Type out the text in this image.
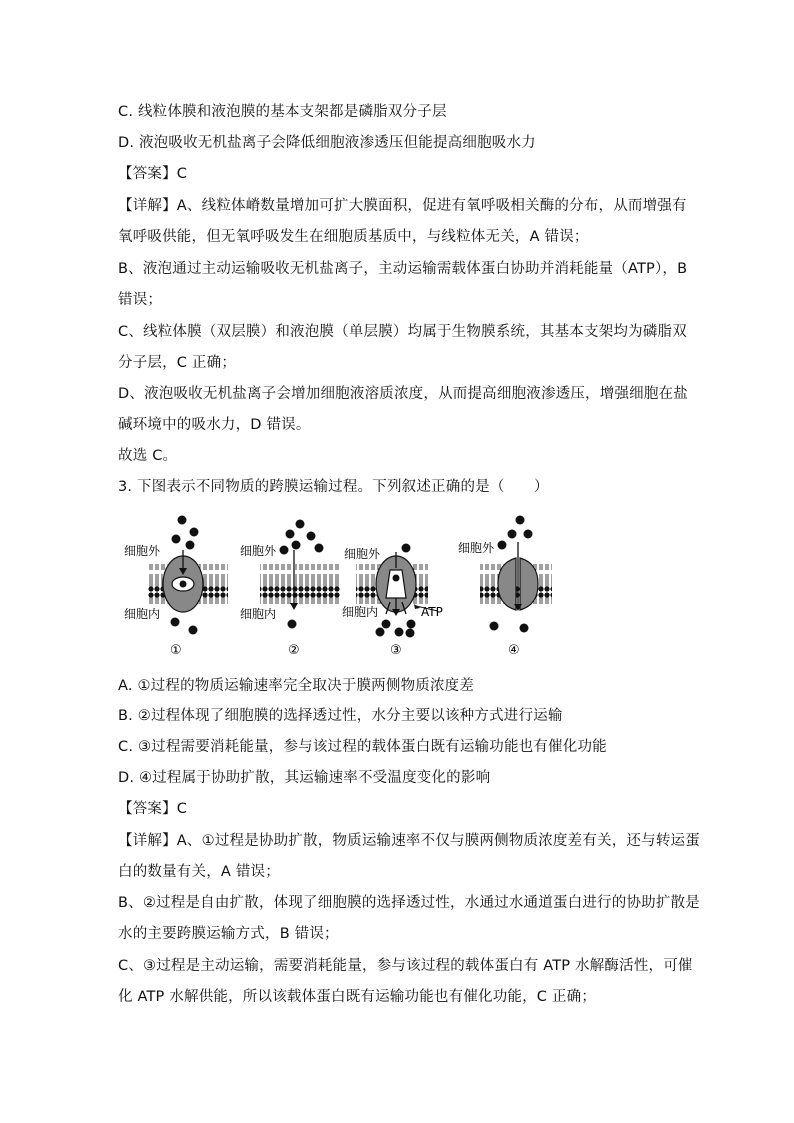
C. 线粒体膜和液泡膜的基本支架都是磷脂双分子层
D. 液泡吸收无机盐离子会降低细胞液渗透压但能提高细胞吸水力
【答案】C
【详解】A、线粒体嵴数量增加可扩大膜面积，促进有氧呼吸相关酶的分布，从而增强有
氧呼吸供能，但无氧呼吸发生在细胞质基质中，与线粒体无关，A 错误；
B、液泡通过主动运输吸收无机盐离子，主动运输需载体蛋白协助并消耗能量（ATP），B
错误；
C、线粒体膜（双层膜）和液泡膜（单层膜）均属于生物膜系统，其基本支架均为磷脂双
分子层，C 正确；
D、液泡吸收无机盐离子会增加细胞液溶质浓度，从而提高细胞液渗透压，增强细胞在盐
碱环境中的吸水力，D 错误。
故选 C。
3. 下图表示不同物质的跨膜运输过程。下列叙述正确的是（　　）
细胞外
细胞内
①
细胞外
细胞内
②
细胞外
细胞内	ATP
③
细胞外
④
A. ①过程的物质运输速率完全取决于膜两侧物质浓度差
B. ②过程体现了细胞膜的选择透过性，水分主要以该种方式进行运输
C. ③过程需要消耗能量，参与该过程的载体蛋白既有运输功能也有催化功能
D. ④过程属于协助扩散，其运输速率不受温度变化的影响
【答案】C
【详解】A、①过程是协助扩散，物质运输速率不仅与膜两侧物质浓度差有关，还与转运蛋
白的数量有关，A 错误；
B、②过程是自由扩散，体现了细胞膜的选择透过性，水通过水通道蛋白进行的协助扩散是
水的主要跨膜运输方式，B 错误；
C、③过程是主动运输，需要消耗能量，参与该过程的载体蛋白有 ATP 水解酶活性，可催
化 ATP 水解供能，所以该载体蛋白既有运输功能也有催化功能，C 正确；
